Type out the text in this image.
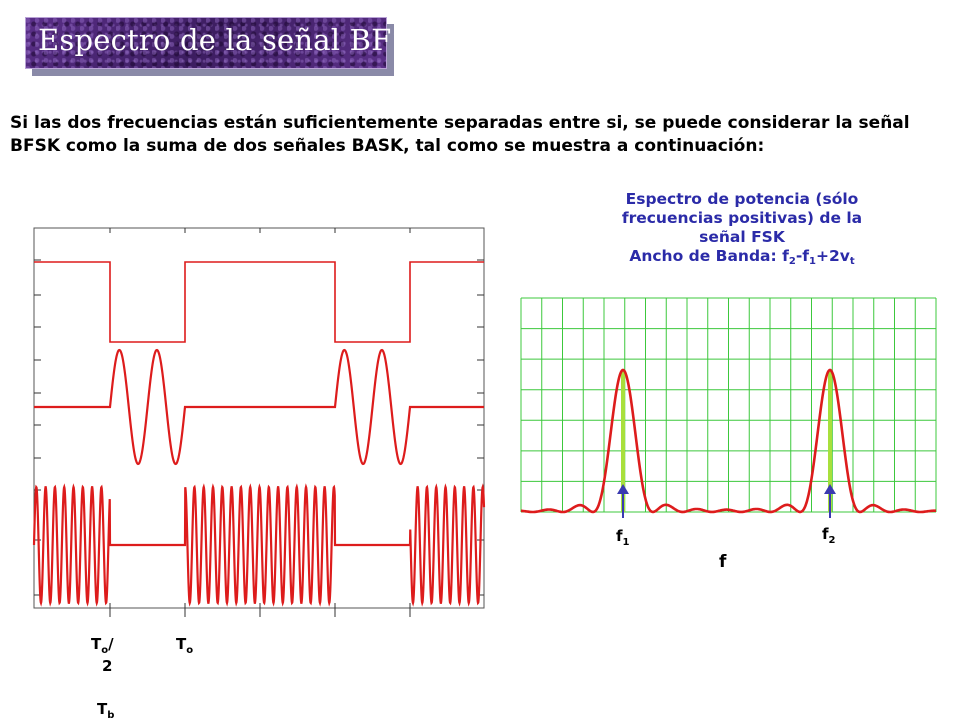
Espectro de la señal BFSK

Si las dos frecuencias están suficientemente separadas entre si, se puede considerar la señal BFSK como la suma de dos señales BASK, tal como se muestra a continuación:

Espectro de potencia (sólo
frecuencias positivas) de la
señal FSK
Ancho de Banda: $f_2-f_1+2v_t$
$T_o/$
2
$T_o$
$T_b$
$f_1$	$f_2$
f
